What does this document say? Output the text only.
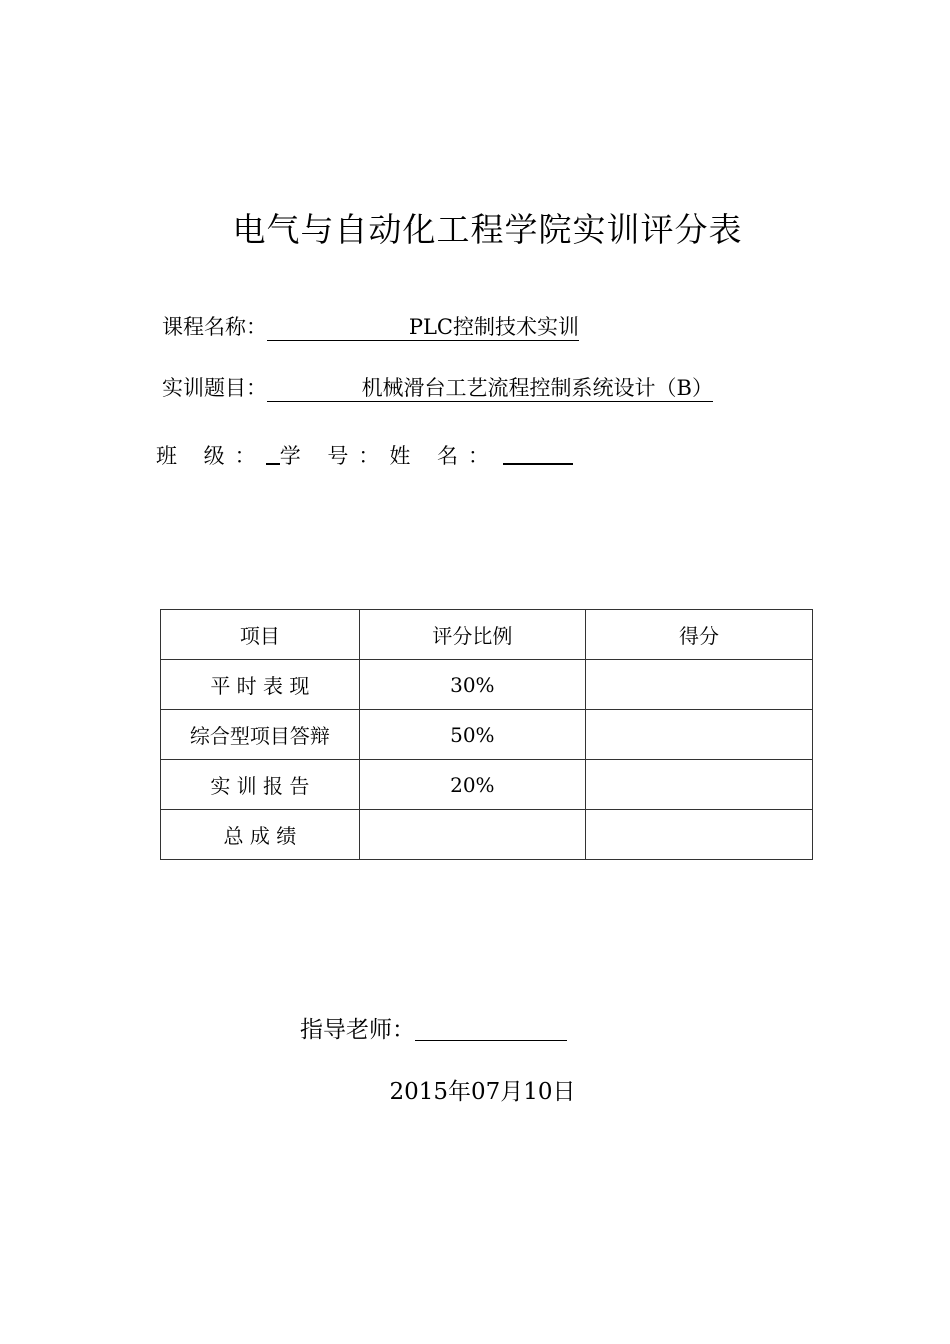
电气与自动化工程学院实训评分表
课程名称：	PLC控制技术实训
实训题目：	机械滑台工艺流程控制系统设计（B）
班 级： 学 号：姓 名：
项目	评分比例	得分
平 时 表 现	30%	
综合型项目答辩	50%	
实 训 报 告	20%	
总 成 绩		
指导老师：
2015年07月10日
